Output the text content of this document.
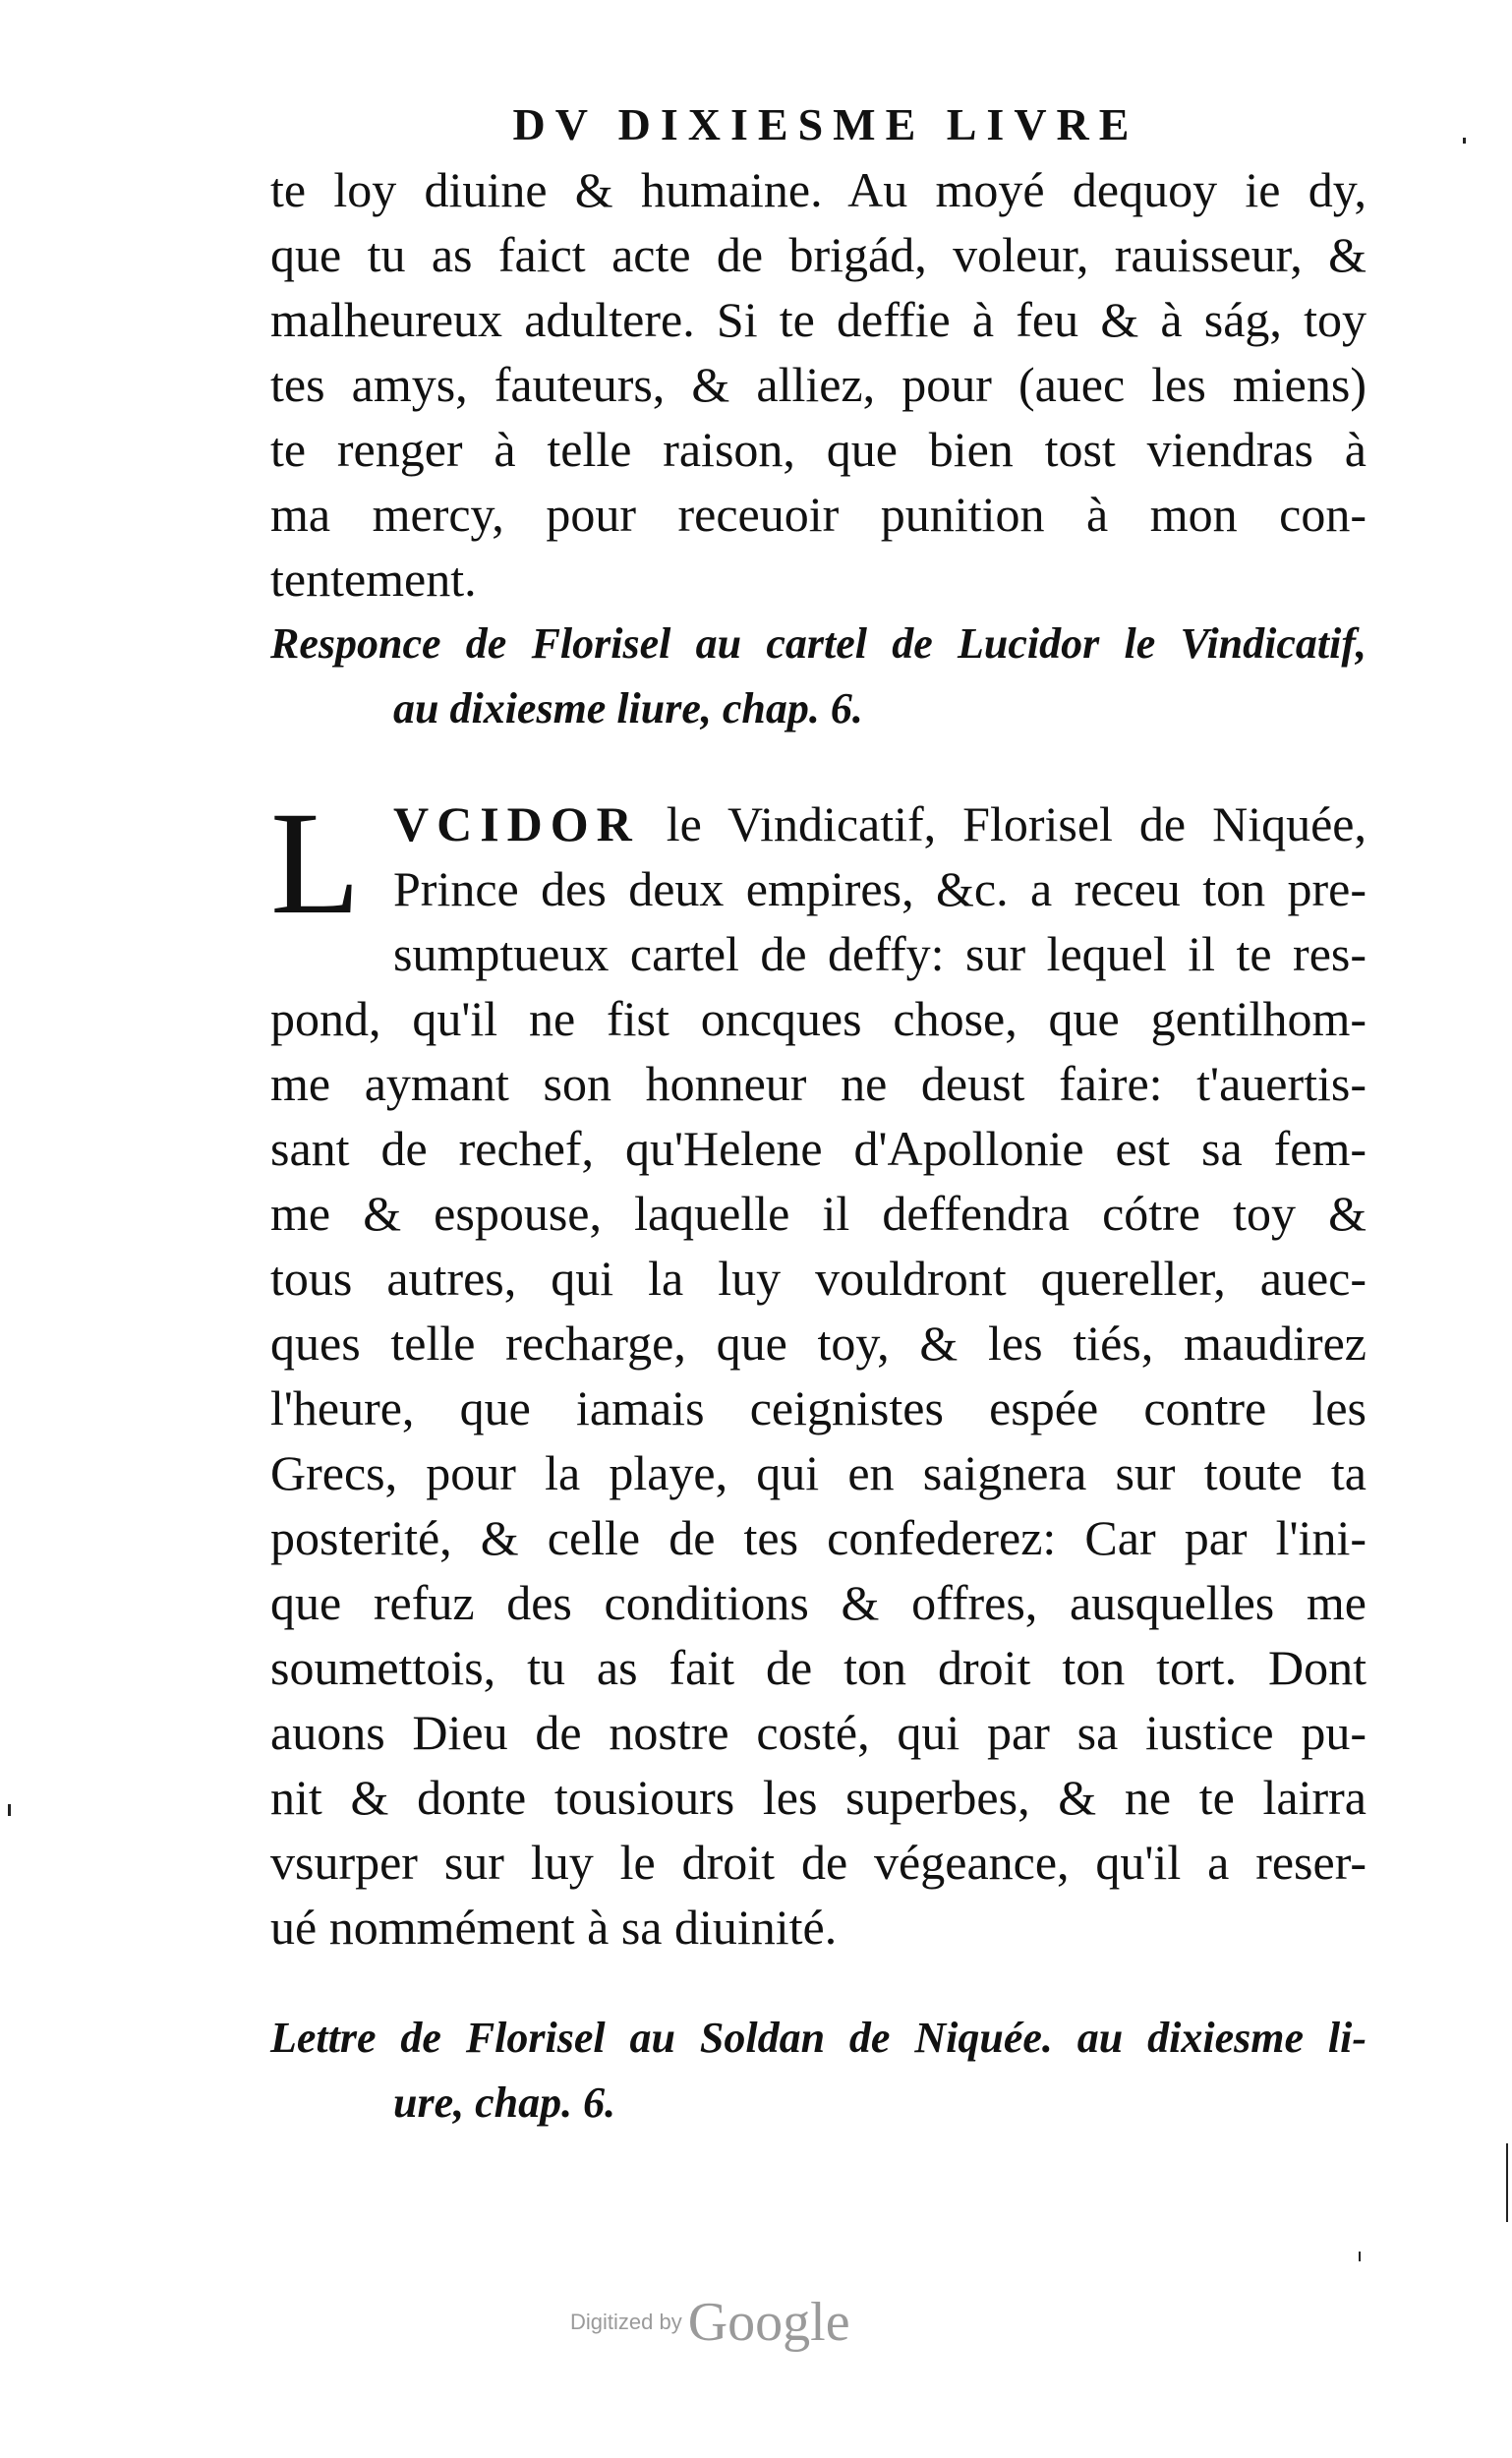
DV DIXIESME LIVRE
te loy diuine & humaine. Au moyé dequoy ie dy,
que tu as faict acte de brigád, voleur, rauisseur, &
malheureux adultere. Si te deffie à feu & à ság, toy
tes amys, fauteurs, & alliez, pour (auec les miens)
te renger à telle raison, que bien tost viendras à
ma mercy, pour receuoir punition à mon con-
tentement.
Responce de Florisel au cartel de Lucidor le Vindicatif,
au dixiesme liure, chap. 6.
L VCIDOR le Vindicatif, Florisel de Niquée,
Prince des deux empires, &c. a receu ton pre-
sumptueux cartel de deffy: sur lequel il te res-
pond, qu'il ne fist oncques chose, que gentilhom-
me aymant son honneur ne deust faire: t'auertis-
sant de rechef, qu'Helene d'Apollonie est sa fem-
me & espouse, laquelle il deffendra cótre toy &
tous autres, qui la luy vouldront quereller, auec-
ques telle recharge, que toy, & les tiés, maudirez
l'heure, que iamais ceignistes espée contre les
Grecs, pour la playe, qui en saignera sur toute ta
posterité, & celle de tes confederez: Car par l'ini-
que refuz des conditions & offres, ausquelles me
soumettois, tu as fait de ton droit ton tort. Dont
auons Dieu de nostre costé, qui par sa iustice pu-
nit & donte tousiours les superbes, & ne te lairra
vsurper sur luy le droit de végeance, qu'il a reser-
ué nommément à sa diuinité.
Lettre de Florisel au Soldan de Niquée. au dixiesme li-
ure, chap. 6.
Digitized by Google
